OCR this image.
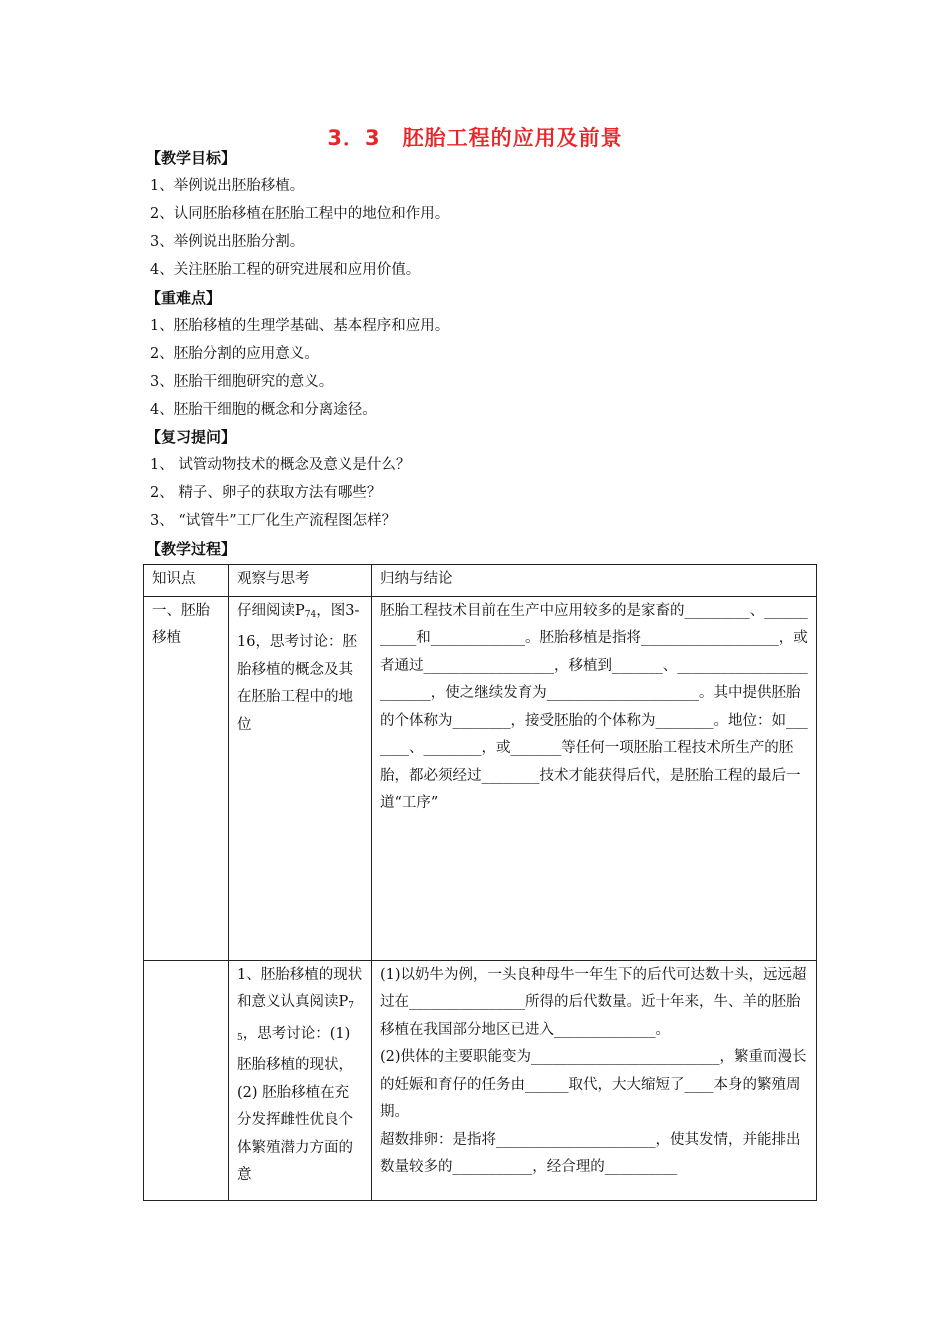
3．3　胚胎工程的应用及前景
【教学目标】
1、举例说出胚胎移植。
2、认同胚胎移植在胚胎工程中的地位和作用。
3、举例说出胚胎分割。
4、关注胚胎工程的研究进展和应用价值。
【重难点】
1、胚胎移植的生理学基础、基本程序和应用。
2、胚胎分割的应用意义。
3、胚胎干细胞研究的意义。
4、胚胎干细胞的概念和分离途径。
【复习提问】
1、 试管动物技术的概念及意义是什么？
2、 精子、卵子的获取方法有哪些？
3、 “试管牛”工厂化生产流程图怎样？
【教学过程】
知识点	观察与思考	归纳与结论
一、胚胎移植	仔细阅读$P_{74}$，图3-16，思考讨论：胚胎移植的概念及其在胚胎工程中的地位	胚胎工程技术目前在生产中应用较多的是家畜的_________、___________和_____________。胚胎移植是指将___________________，或者通过__________________，移植到_______、_________________________，使之继续发育为_____________________。其中提供胚胎的个体称为________，接受胚胎的个体称为________。地位：如_______、________，或_______等任何一项胚胎工程技术所生产的胚胎，都必须经过________技术才能获得后代，是胚胎工程的最后一道“工序”
	1、胚胎移植的现状和意义认真阅读$P_{75}$，思考讨论：(1)胚胎移植的现状，(2) 胚胎移植在充分发挥雌性优良个体繁殖潜力方面的意	(1)以奶牛为例，一头良种母牛一年生下的后代可达数十头，远远超过在________________所得的后代数量。近十年来，牛、羊的胚胎移植在我国部分地区已进入______________。
(2)供体的主要职能变为__________________________，繁重而漫长的妊娠和育仔的任务由______取代，大大缩短了____本身的繁殖周期。
超数排卵：是指将______________________，使其发情，并能排出数量较多的___________，经合理的__________
